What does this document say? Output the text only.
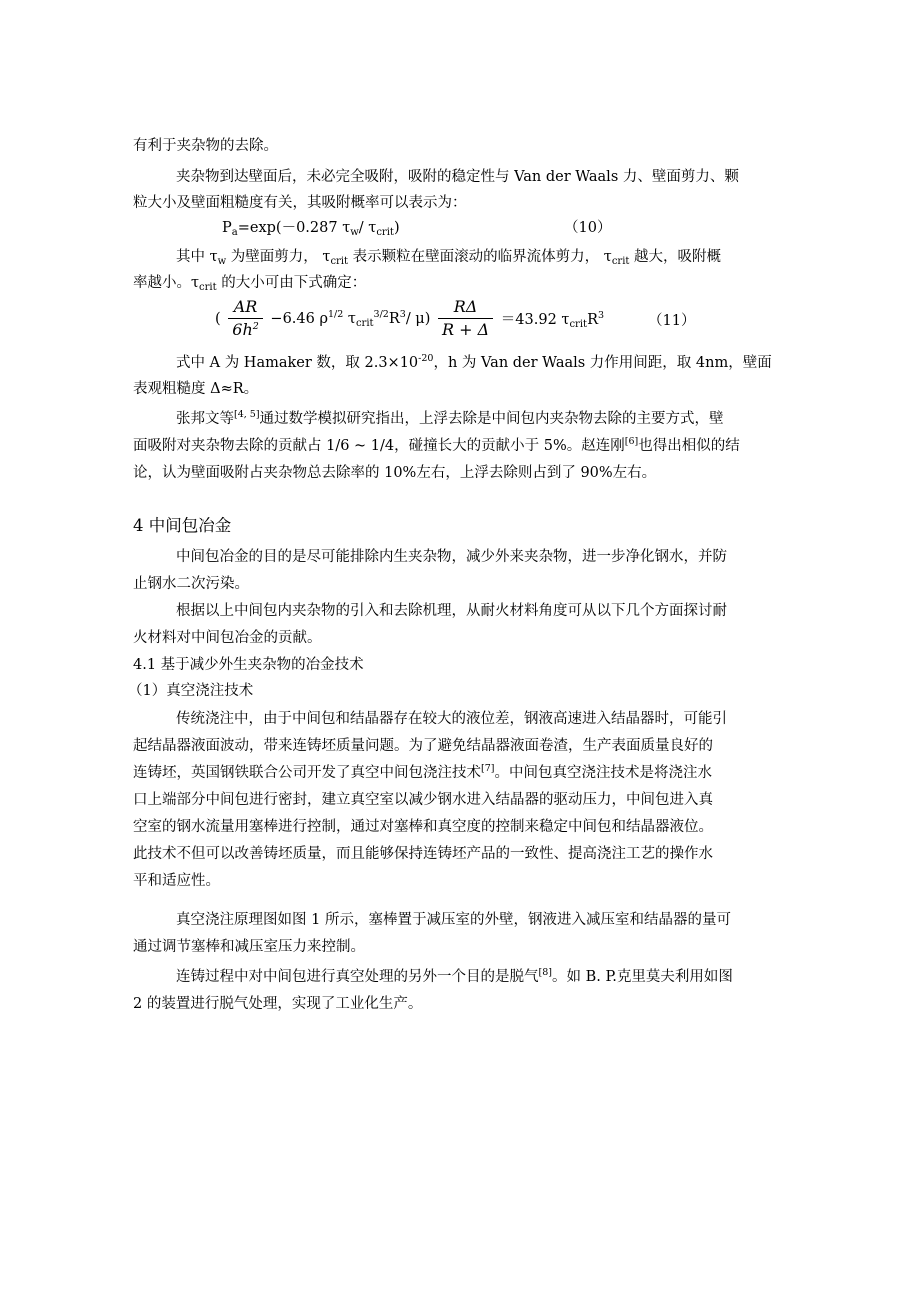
有利于夹杂物的去除。
夹杂物到达壁面后，未必完全吸附，吸附的稳定性与 Van der Waals 力、壁面剪力、颗
粒大小及壁面粗糙度有关，其吸附概率可以表示为：
$P_a=\exp(-0.287$ $\tau_w/$ $\tau_{crit}$)	（10）
其中 $\tau_w$ 为壁面剪力， $\tau_{crit}$ 表示颗粒在壁面滚动的临界流体剪力， $\tau_{crit}$ 越大，吸附概
率越小。$\tau_{crit}$ 的大小可由下式确定：
( $\frac{AR}{6h^2} -6.46$ $\rho^{1/2}$ $\tau_{crit}^{3/2}R^3/$ $\mu) \frac{R\Delta}{R + \Delta} =43.92$ $\tau_{crit}R^3$	（11）
式中 A 为 Hamaker 数，取 $2.3\times 10^{-20}$，h 为 Van der Waals 力作用间距，取 4nm，壁面
表观粗糙度 Δ≈R。
张邦文等[4, 5]通过数学模拟研究指出，上浮去除是中间包内夹杂物去除的主要方式，壁
面吸附对夹杂物去除的贡献占 1/6 ~ 1/4，碰撞长大的贡献小于 5%。赵连刚[6]也得出相似的结
论，认为壁面吸附占夹杂物总去除率的 10%左右，上浮去除则占到了 90%左右。
4 中间包冶金
中间包冶金的目的是尽可能排除内生夹杂物，减少外来夹杂物，进一步净化钢水，并防
止钢水二次污染。
根据以上中间包内夹杂物的引入和去除机理，从耐火材料角度可从以下几个方面探讨耐
火材料对中间包冶金的贡献。
4.1 基于减少外生夹杂物的冶金技术
（1）真空浇注技术
传统浇注中，由于中间包和结晶器存在较大的液位差，钢液高速进入结晶器时，可能引
起结晶器液面波动，带来连铸坯质量问题。为了避免结晶器液面卷渣，生产表面质量良好的
连铸坯，英国钢铁联合公司开发了真空中间包浇注技术[7]。中间包真空浇注技术是将浇注水
口上端部分中间包进行密封，建立真空室以减少钢水进入结晶器的驱动压力，中间包进入真
空室的钢水流量用塞棒进行控制，通过对塞棒和真空度的控制来稳定中间包和结晶器液位。
此技术不但可以改善铸坯质量，而且能够保持连铸坯产品的一致性、提高浇注工艺的操作水
平和适应性。
真空浇注原理图如图 1 所示，塞棒置于减压室的外壁，钢液进入减压室和结晶器的量可
通过调节塞棒和减压室压力来控制。
连铸过程中对中间包进行真空处理的另外一个目的是脱气[8]。如 B. P.克里莫夫利用如图
2 的装置进行脱气处理，实现了工业化生产。
